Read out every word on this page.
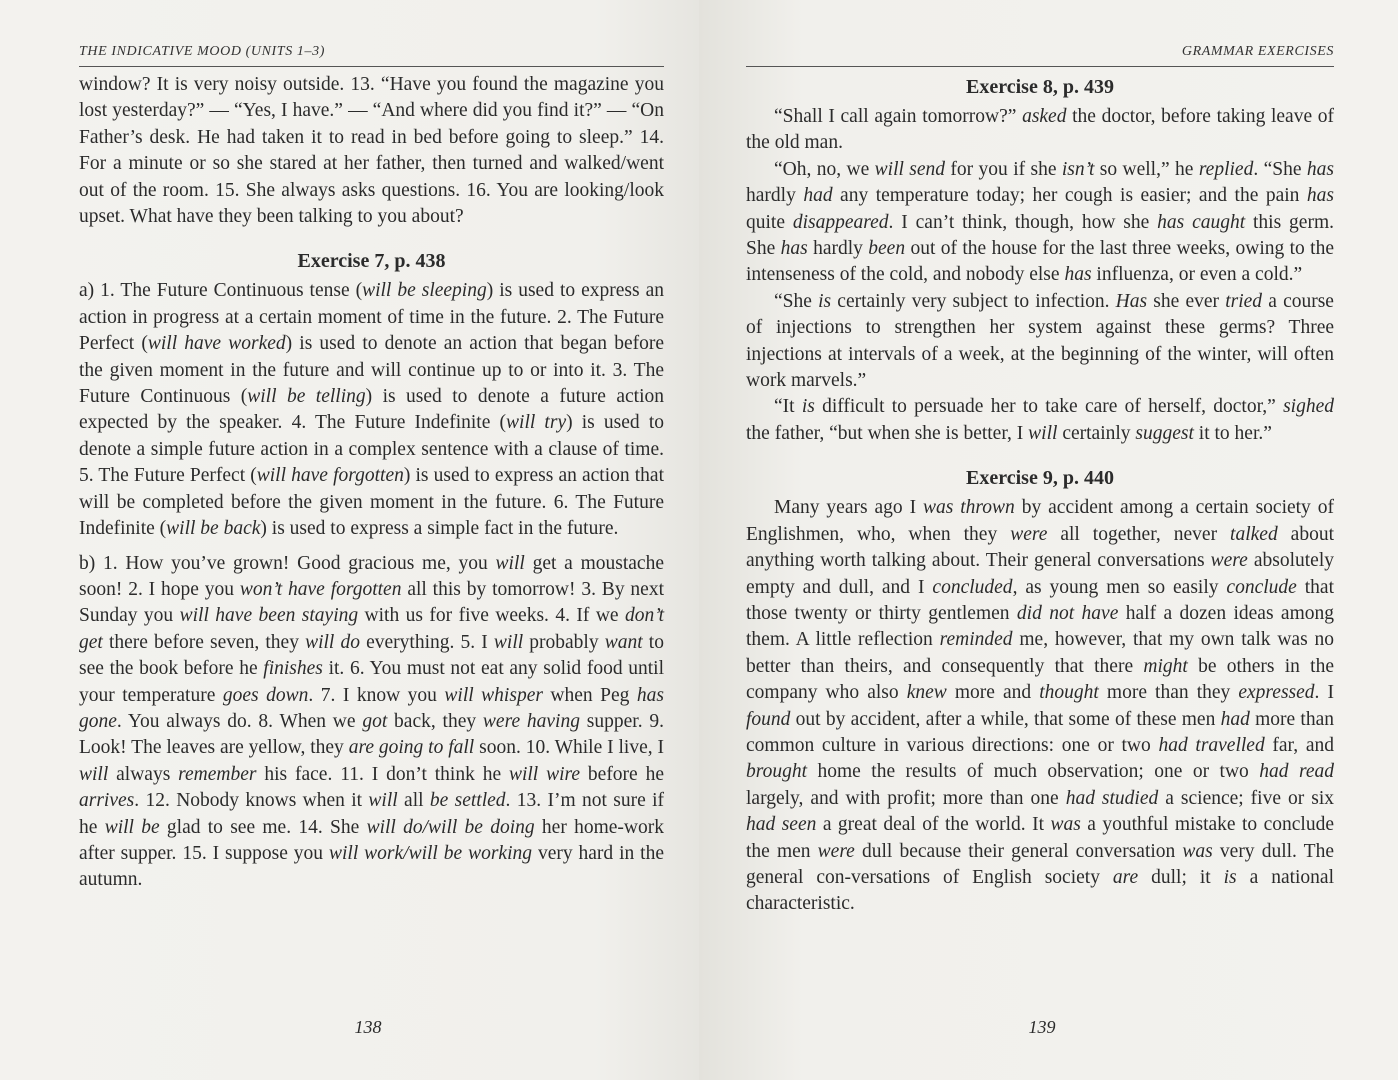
THE INDICATIVE MOOD (UNITS 1–3)

window? It is very noisy outside. 13. “Have you found the magazine you lost yesterday?” — “Yes, I have.” — “And where did you find it?” — “On Father’s desk. He had taken it to read in bed before going to sleep.” 14. For a minute or so she stared at her father, then turned and walked/went out of the room. 15. She always asks questions. 16. You are looking/look upset. What have they been talking to you about?

Exercise 7, p. 438

a) 1. The Future Continuous tense (will be sleeping) is used to express an action in progress at a certain moment of time in the future. 2. The Future Perfect (will have worked) is used to denote an action that began before the given moment in the future and will continue up to or into it. 3. The Future Continuous (will be telling) is used to denote a future action expected by the speaker. 4. The Future Indefinite (will try) is used to denote a simple future action in a complex sentence with a clause of time. 5. The Future Perfect (will have forgotten) is used to express an action that will be completed before the given moment in the future. 6. The Future Indefinite (will be back) is used to express a simple fact in the future.

b) 1. How you’ve grown! Good gracious me, you will get a moustache soon! 2. I hope you won’t have forgotten all this by tomorrow! 3. By next Sunday you will have been staying with us for five weeks. 4. If we don’t get there before seven, they will do everything. 5. I will probably want to see the book before he finishes it. 6. You must not eat any solid food until your temperature goes down. 7. I know you will whisper when Peg has gone. You always do. 8. When we got back, they were having supper. 9. Look! The leaves are yellow, they are going to fall soon. 10. While I live, I will always remember his face. 11. I don’t think he will wire before he arrives. 12. Nobody knows when it will all be settled. 13. I’m not sure if he will be glad to see me. 14. She will do/will be doing her home-work after supper. 15. I suppose you will work/will be working very hard in the autumn.

138
GRAMMAR EXERCISES
Exercise 8, p. 439

“Shall I call again tomorrow?” asked the doctor, before taking leave of the old man.

“Oh, no, we will send for you if she isn’t so well,” he replied. “She has hardly had any temperature today; her cough is easier; and the pain has quite disappeared. I can’t think, though, how she has caught this germ. She has hardly been out of the house for the last three weeks, owing to the intenseness of the cold, and nobody else has influenza, or even a cold.”

“She is certainly very subject to infection. Has she ever tried a course of injections to strengthen her system against these germs? Three injections at intervals of a week, at the beginning of the winter, will often work marvels.”

“It is difficult to persuade her to take care of herself, doctor,” sighed the father, “but when she is better, I will certainly suggest it to her.”

Exercise 9, p. 440

Many years ago I was thrown by accident among a certain society of Englishmen, who, when they were all together, never talked about anything worth talking about. Their general conversations were absolutely empty and dull, and I concluded, as young men so easily conclude that those twenty or thirty gentlemen did not have half a dozen ideas among them. A little reflection reminded me, however, that my own talk was no better than theirs, and consequently that there might be others in the company who also knew more and thought more than they expressed. I found out by accident, after a while, that some of these men had more than common culture in various directions: one or two had travelled far, and brought home the results of much observation; one or two had read largely, and with profit; more than one had studied a science; five or six had seen a great deal of the world. It was a youthful mistake to conclude the men were dull because their general conversation was very dull. The general con-versations of English society are dull; it is a national characteristic.

139
